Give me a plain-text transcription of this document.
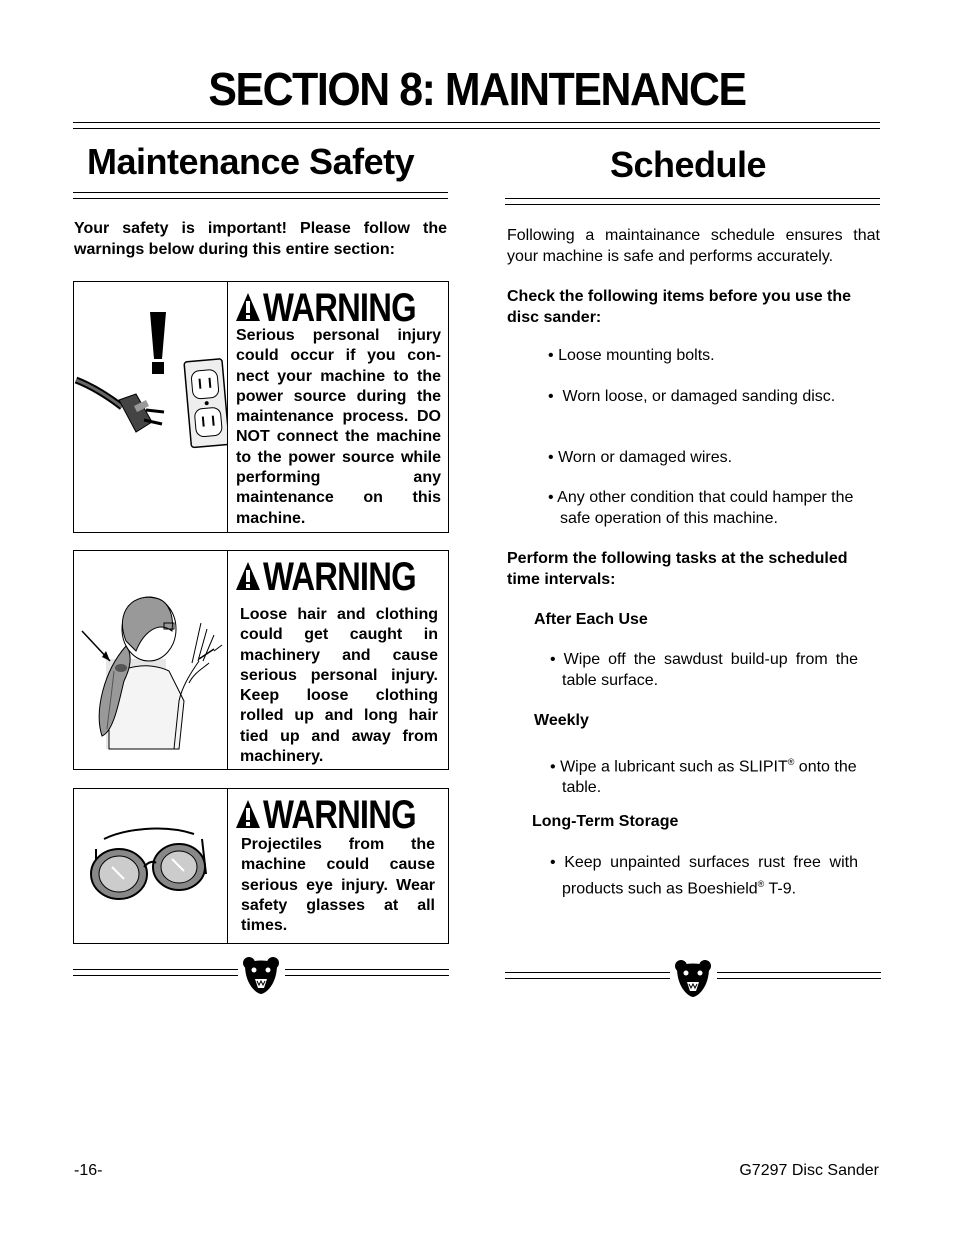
SECTION 8: MAINTENANCE
Maintenance Safety
Your safety is important! Please follow the warnings below during this entire section:
WARNING
Serious personal injury could occur if you con-nect your machine to the power source during the maintenance process. DO NOT connect the machine to the power source while performing any maintenance on this machine.
WARNING
Loose hair and clothing could get caught in machinery and cause serious personal injury. Keep loose clothing rolled up and long hair tied up and away from machinery.
WARNING
Projectiles from the machine could cause serious eye injury. Wear safety glasses at all times.
Schedule
Following a maintainance schedule ensures that your machine is safe and performs accurately.
Check the following items before you use the disc sander:
• Loose mounting bolts.
• Worn loose, or damaged sanding disc.
• Worn or damaged wires.
• Any other condition that could hamper the safe operation of this machine.
Perform the following tasks at the scheduled time intervals:
After Each Use
• Wipe off the sawdust build-up from the table surface.
Weekly
• Wipe a lubricant such as SLIPIT® onto the table.
Long-Term Storage
• Keep unpainted surfaces rust free with products such as Boeshield® T-9.
-16-	G7297 Disc Sander
